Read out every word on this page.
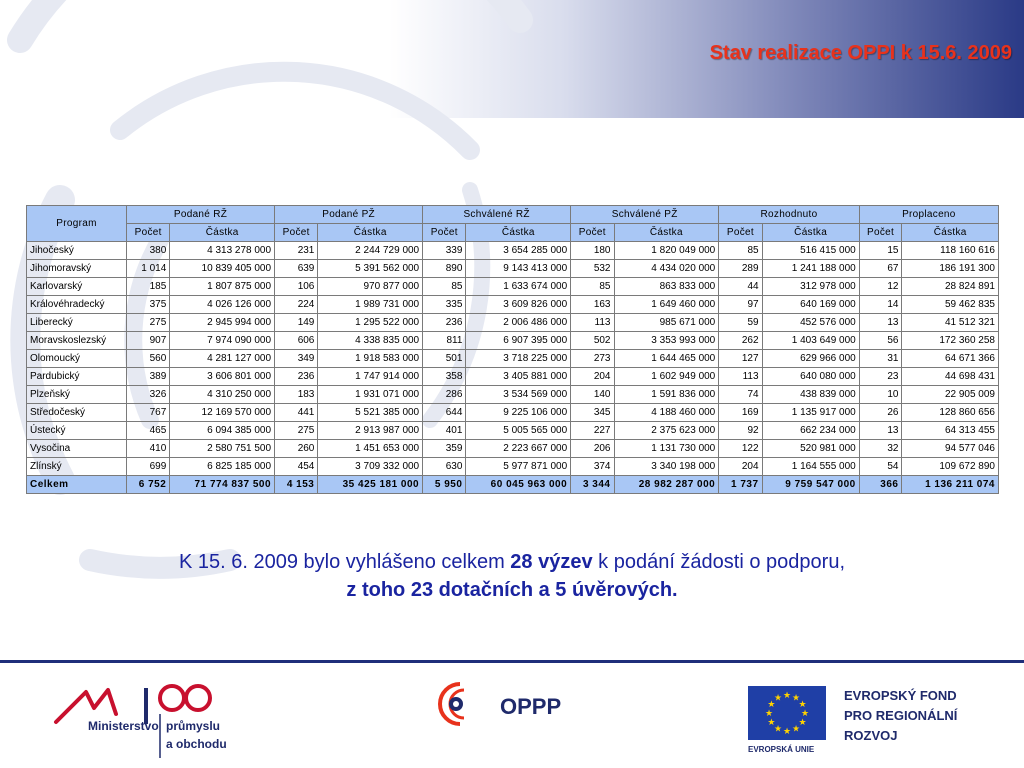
Stav realizace OPPI k 15.6. 2009
Program	Podané RŽ		Podané PŽ		Schválené RŽ		Schválené PŽ		Rozhodnuto		Proplaceno	
	Počet	Částka	Počet	Částka	Počet	Částka	Počet	Částka	Počet	Částka	Počet	Částka
Jihočeský	380	4 313 278 000	231	2 244 729 000	339	3 654 285 000	180	1 820 049 000	85	516 415 000	15	118 160 616
Jihomoravský	1 014	10 839 405 000	639	5 391 562 000	890	9 143 413 000	532	4 434 020 000	289	1 241 188 000	67	186 191 300
Karlovarský	185	1 807 875 000	106	970 877 000	85	1 633 674 000	85	863 833 000	44	312 978 000	12	28 824 891
Královéhradecký	375	4 026 126 000	224	1 989 731 000	335	3 609 826 000	163	1 649 460 000	97	640 169 000	14	59 462 835
Liberecký	275	2 945 994 000	149	1 295 522 000	236	2 006 486 000	113	985 671 000	59	452 576 000	13	41 512 321
Moravskoslezský	907	7 974 090 000	606	4 338 835 000	811	6 907 395 000	502	3 353 993 000	262	1 403 649 000	56	172 360 258
Olomoucký	560	4 281 127 000	349	1 918 583 000	501	3 718 225 000	273	1 644 465 000	127	629 966 000	31	64 671 366
Pardubický	389	3 606 801 000	236	1 747 914 000	358	3 405 881 000	204	1 602 949 000	113	640 080 000	23	44 698 431
Plzeňský	326	4 310 250 000	183	1 931 071 000	286	3 534 569 000	140	1 591 836 000	74	438 839 000	10	22 905 009
Středočeský	767	12 169 570 000	441	5 521 385 000	644	9 225 106 000	345	4 188 460 000	169	1 135 917 000	26	128 860 656
Ústecký	465	6 094 385 000	275	2 913 987 000	401	5 005 565 000	227	2 375 623 000	92	662 234 000	13	64 313 455
Vysočina	410	2 580 751 500	260	1 451 653 000	359	2 223 667 000	206	1 131 730 000	122	520 981 000	32	94 577 046
Zlínský	699	6 825 185 000	454	3 709 332 000	630	5 977 871 000	374	3 340 198 000	204	1 164 555 000	54	109 672 890
Celkem	6 752	71 774 837 500	4 153	35 425 181 000	5 950	60 045 963 000	3 344	28 982 287 000	1 737	9 759 547 000	366	1 136 211 074

K 15. 6. 2009 bylo vyhlášeno celkem 28 výzev k podání žádosti o podporu,

z toho 23 dotačních a 5 úvěrových.

Ministerstvo průmyslu
a obchodu
OPPP	★ ★
★
★
★
★
★
★
★
★
★
★
EVROPSKÁ UNIE
EVROPSKÝ FOND
PRO REGIONÁLNÍ
ROZVOJ
